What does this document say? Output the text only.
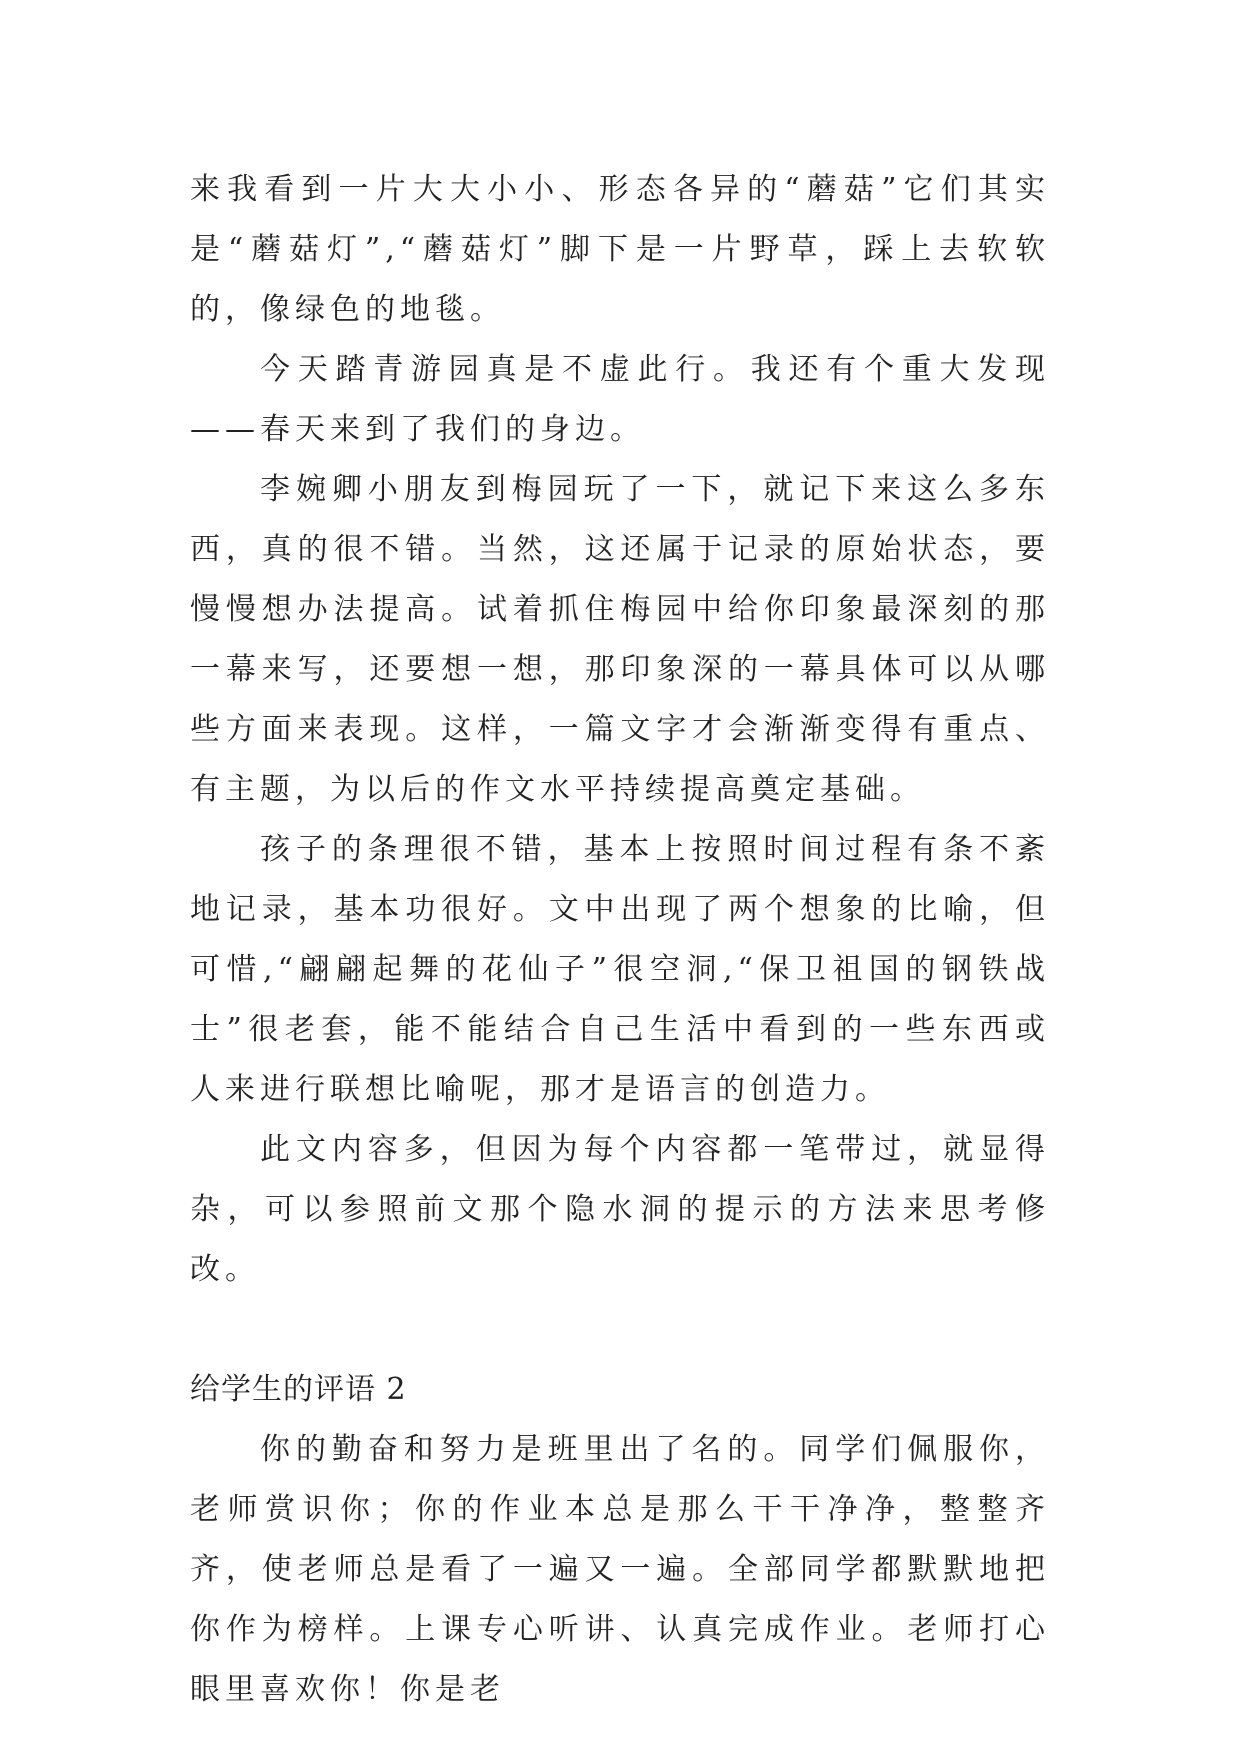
来我看到一片大大小小、形态各异的“蘑菇”它们其实是“蘑菇灯”,“蘑菇灯”脚下是一片野草，踩上去软软的，像绿色的地毯。

今天踏青游园真是不虚此行。我还有个重大发现——春天来到了我们的身边。

李婉卿小朋友到梅园玩了一下，就记下来这么多东西，真的很不错。当然，这还属于记录的原始状态，要慢慢想办法提高。试着抓住梅园中给你印象最深刻的那一幕来写，还要想一想，那印象深的一幕具体可以从哪些方面来表现。这样，一篇文字才会渐渐变得有重点、有主题，为以后的作文水平持续提高奠定基础。

孩子的条理很不错，基本上按照时间过程有条不紊地记录，基本功很好。文中出现了两个想象的比喻，但可惜,“翩翩起舞的花仙子”很空洞,“保卫祖国的钢铁战士”很老套，能不能结合自己生活中看到的一些东西或人来进行联想比喻呢，那才是语言的创造力。

此文内容多，但因为每个内容都一笔带过，就显得杂，可以参照前文那个隐水洞的提示的方法来思考修改。

给学生的评语 2

你的勤奋和努力是班里出了名的。同学们佩服你，老师赏识你；你的作业本总是那么干干净净，整整齐齐，使老师总是看了一遍又一遍。全部同学都默默地把你作为榜样。上课专心听讲、认真完成作业。老师打心眼里喜欢你！你是老
